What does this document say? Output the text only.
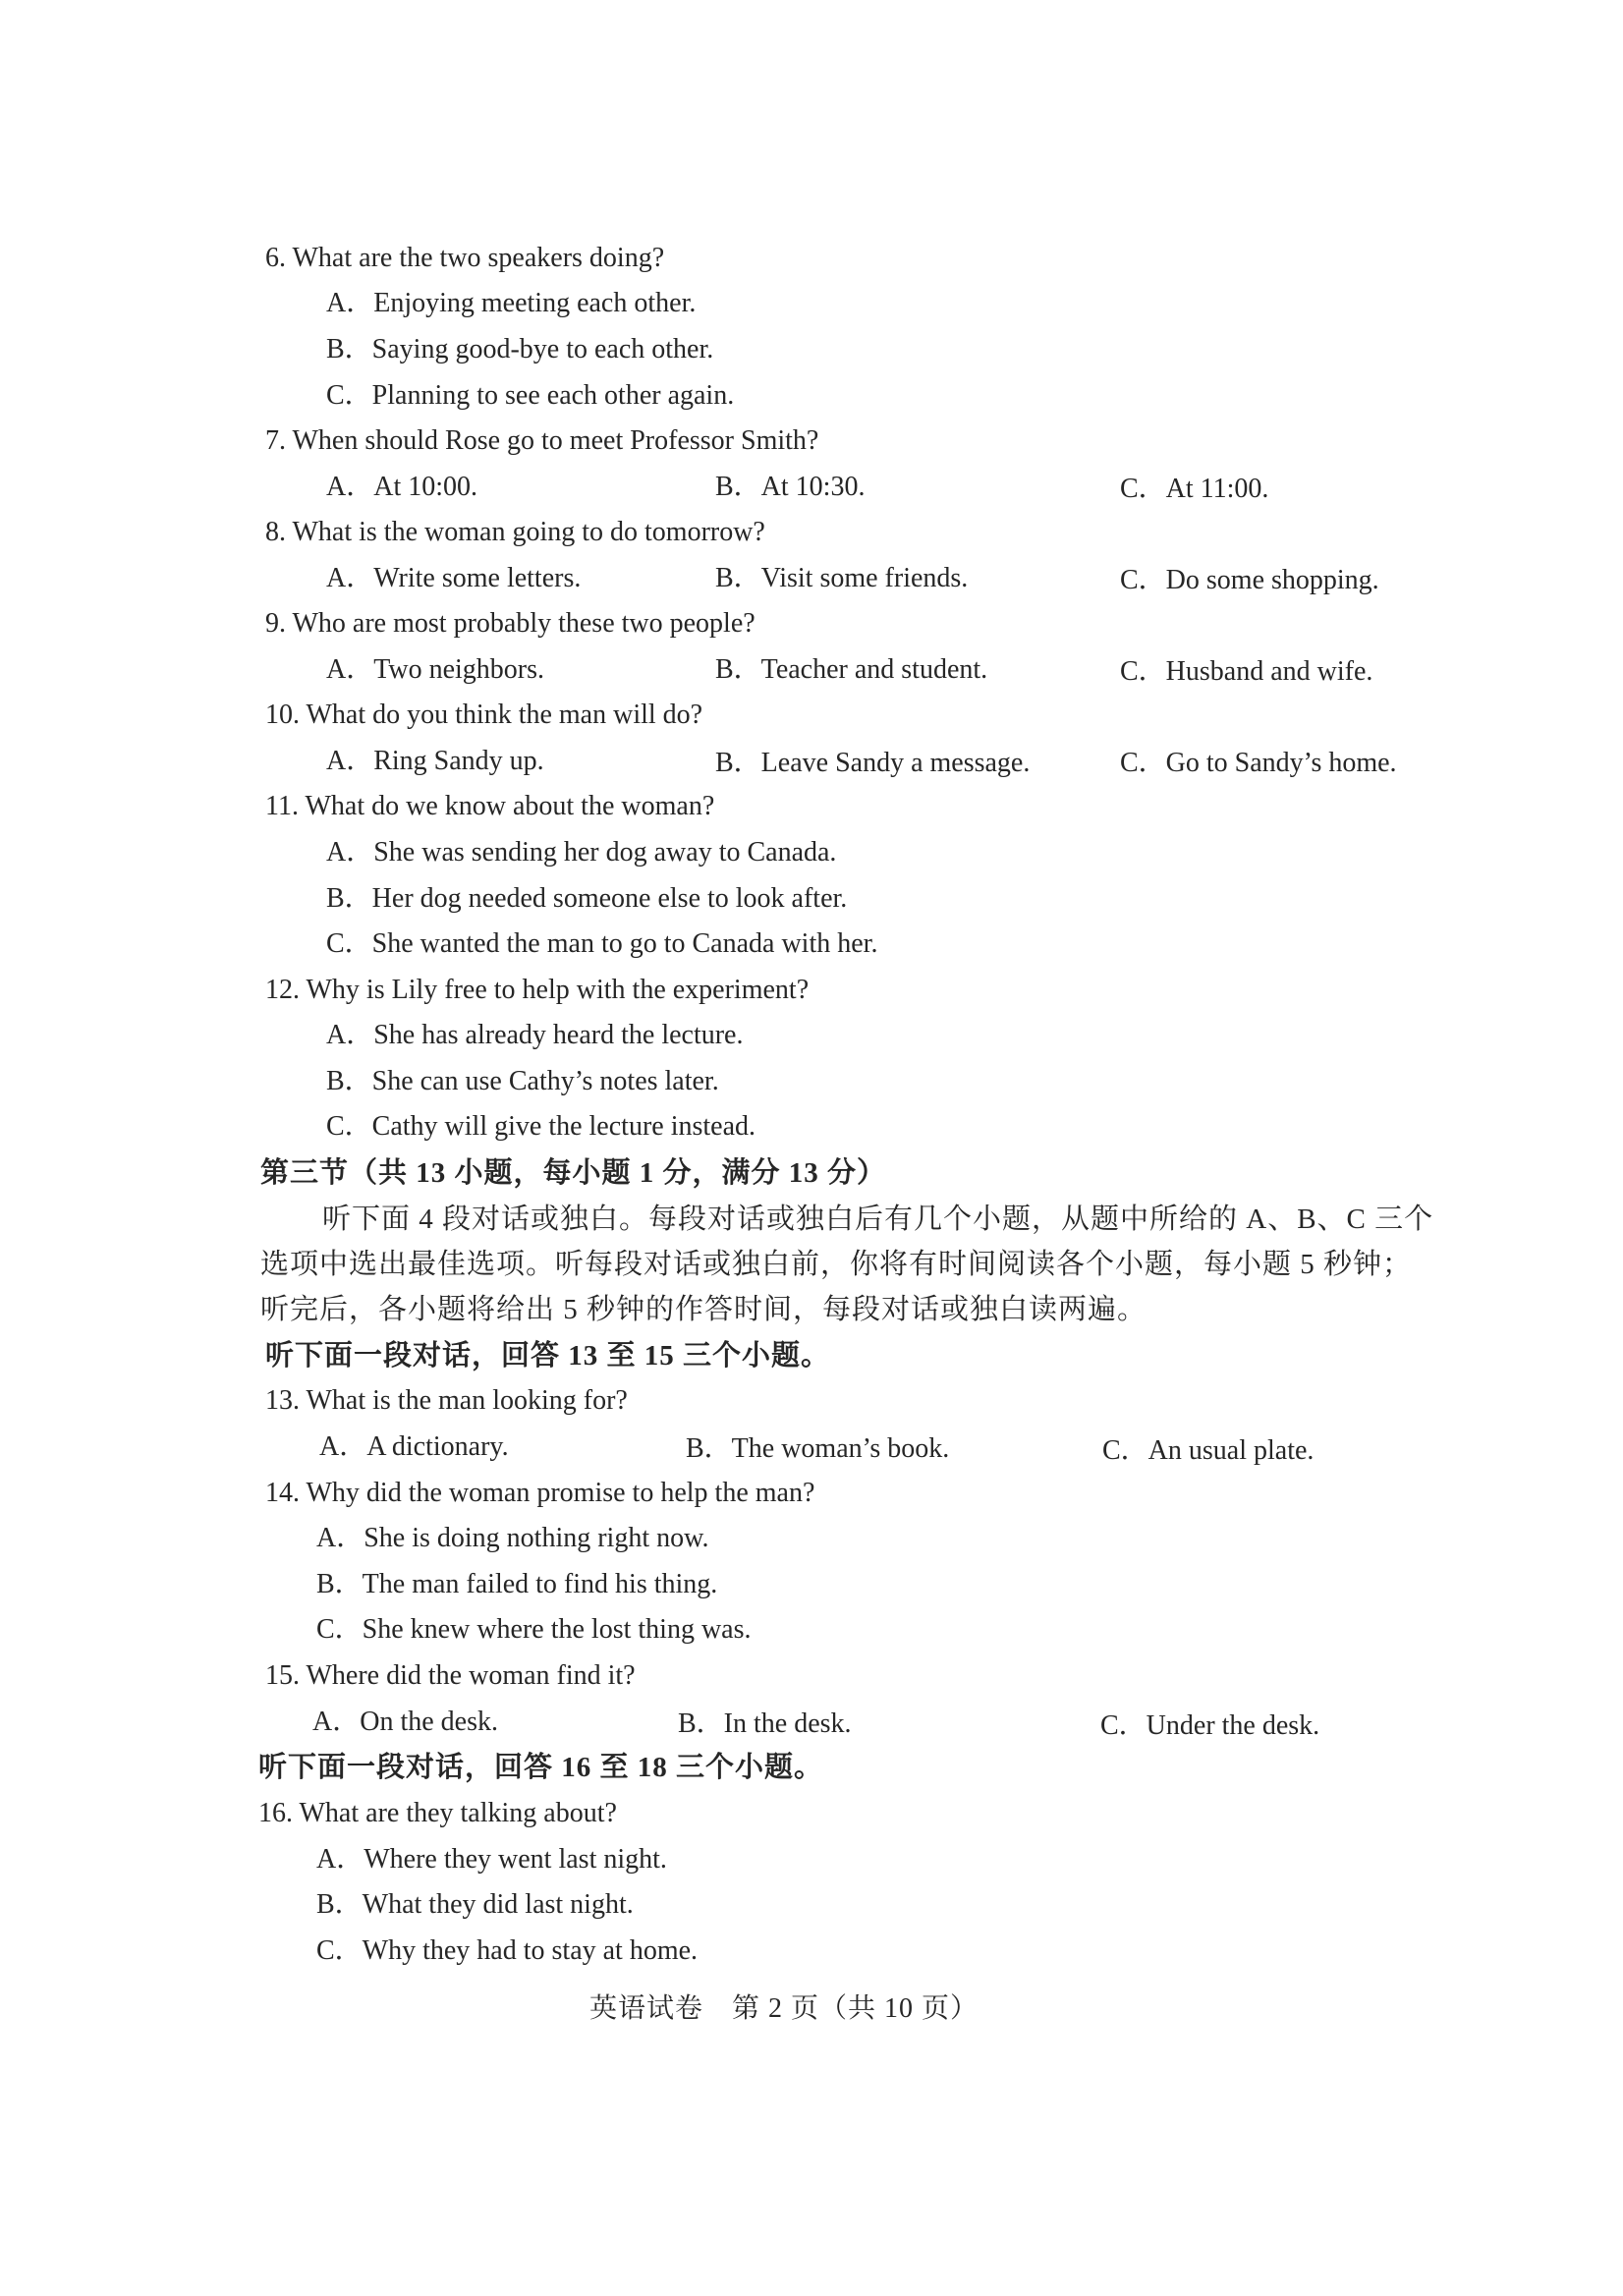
6. What are the two speakers doing?
A．Enjoying meeting each other.
B．Saying good-bye to each other.
C．Planning to see each other again.
7. When should Rose go to meet Professor Smith?
A．At 10:00.	B．At 10:30.	C．At 11:00.
8. What is the woman going to do tomorrow?
A．Write some letters.	B．Visit some friends.	C．Do some shopping.
9. Who are most probably these two people?
A．Two neighbors.	B．Teacher and student.	C．Husband and wife.
10. What do you think the man will do?
A．Ring Sandy up.	B．Leave Sandy a message.	C．Go to Sandy’s home.
11. What do we know about the woman?
A．She was sending her dog away to Canada.
B．Her dog needed someone else to look after.
C．She wanted the man to go to Canada with her.
12. Why is Lily free to help with the experiment?
A．She has already heard the lecture.
B．She can use Cathy’s notes later.
C．Cathy will give the lecture instead.
第三节（共 13 小题，每小题 1 分，满分 13 分）
听下面 4 段对话或独白。每段对话或独白后有几个小题，从题中所给的 A、B、C 三个
选项中选出最佳选项。听每段对话或独白前，你将有时间阅读各个小题，每小题 5 秒钟；
听完后，各小题将给出 5 秒钟的作答时间，每段对话或独白读两遍。
听下面一段对话，回答 13 至 15 三个小题。
13. What is the man looking for?
A．A dictionary.	B．The woman’s book.	C．An usual plate.
14. Why did the woman promise to help the man?
A．She is doing nothing right now.
B．The man failed to find his thing.
C．She knew where the lost thing was.
15. Where did the woman find it?
A．On the desk.	B．In the desk.	C．Under the desk.
听下面一段对话，回答 16 至 18 三个小题。
16. What are they talking about?
A．Where they went last night.
B．What they did last night.
C．Why they had to stay at home.
英语试卷　第 2 页（共 10 页）
